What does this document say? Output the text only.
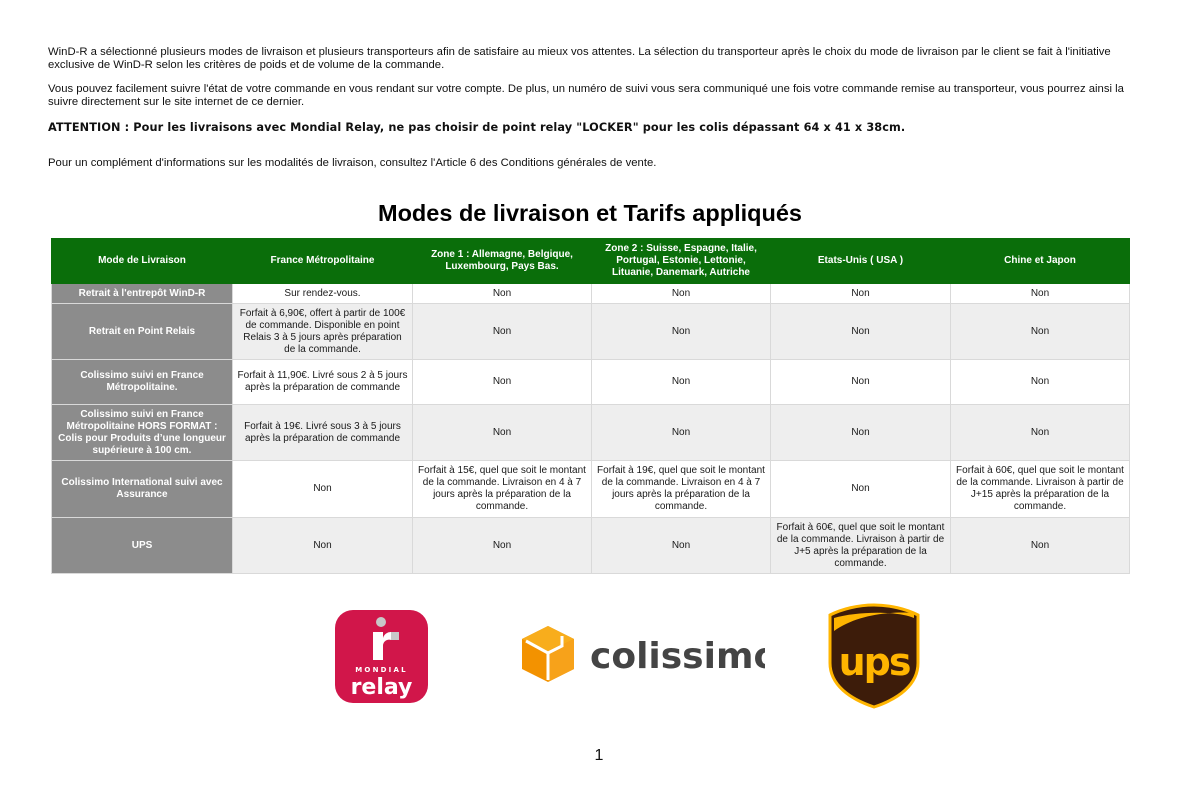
WinD-R a sélectionné plusieurs modes de livraison et plusieurs transporteurs afin de satisfaire au mieux vos attentes. La sélection du transporteur après le choix du mode de livraison par le client se fait à l'initiative exclusive de WinD-R selon les critères de poids et de volume de la commande.
Vous pouvez facilement suivre l'état de votre commande en vous rendant sur votre compte. De plus, un numéro de suivi vous sera communiqué une fois votre commande remise au transporteur, vous pourrez ainsi la suivre directement sur le site internet de ce dernier.
ATTENTION : Pour les livraisons avec Mondial Relay, ne pas choisir de point relay "LOCKER" pour les colis dépassant 64 x 41 x 38cm.
Pour un complément d'informations sur les modalités de livraison, consultez l'Article 6 des Conditions générales de vente.
Modes de livraison et Tarifs appliqués
Mode de Livraison	France Métropolitaine	Zone 1 : Allemagne, Belgique, Luxembourg, Pays Bas.	Zone 2 : Suisse, Espagne, Italie, Portugal, Estonie, Lettonie, Lituanie, Danemark, Autriche	Etats-Unis ( USA )	Chine et Japon
Retrait à l'entrepôt WinD-R	Sur rendez-vous.	Non	Non	Non	Non
Retrait en Point Relais	Forfait à 6,90€, offert à partir de 100€ de commande. Disponible en point Relais 3 à 5 jours après préparation de la commande.	Non	Non	Non	Non
Colissimo suivi en France Métropolitaine.	Forfait à 11,90€. Livré sous 2 à 5 jours après la préparation de commande	Non	Non	Non	Non
Colissimo suivi en France Métropolitaine HORS FORMAT : Colis pour Produits d’une longueur supérieure à 100 cm.	Forfait à 19€. Livré sous 3 à 5 jours après la préparation de commande	Non	Non	Non	Non
Colissimo International suivi avec Assurance	Non	Forfait à 15€, quel que soit le montant de la commande. Livraison en 4 à 7 jours après la préparation de la commande.	Forfait à 19€, quel que soit le montant de la commande. Livraison en 4 à 7 jours après la préparation de la commande.	Non	Forfait à 60€, quel que soit le montant de la commande. Livraison à partir de J+15 après la préparation de la commande.
UPS	Non	Non	Non	Forfait à 60€, quel que soit le montant de la commande. Livraison à partir de J+5 après la préparation de la commande.	Non
MONDIAL
relay
colissimo ups
1
